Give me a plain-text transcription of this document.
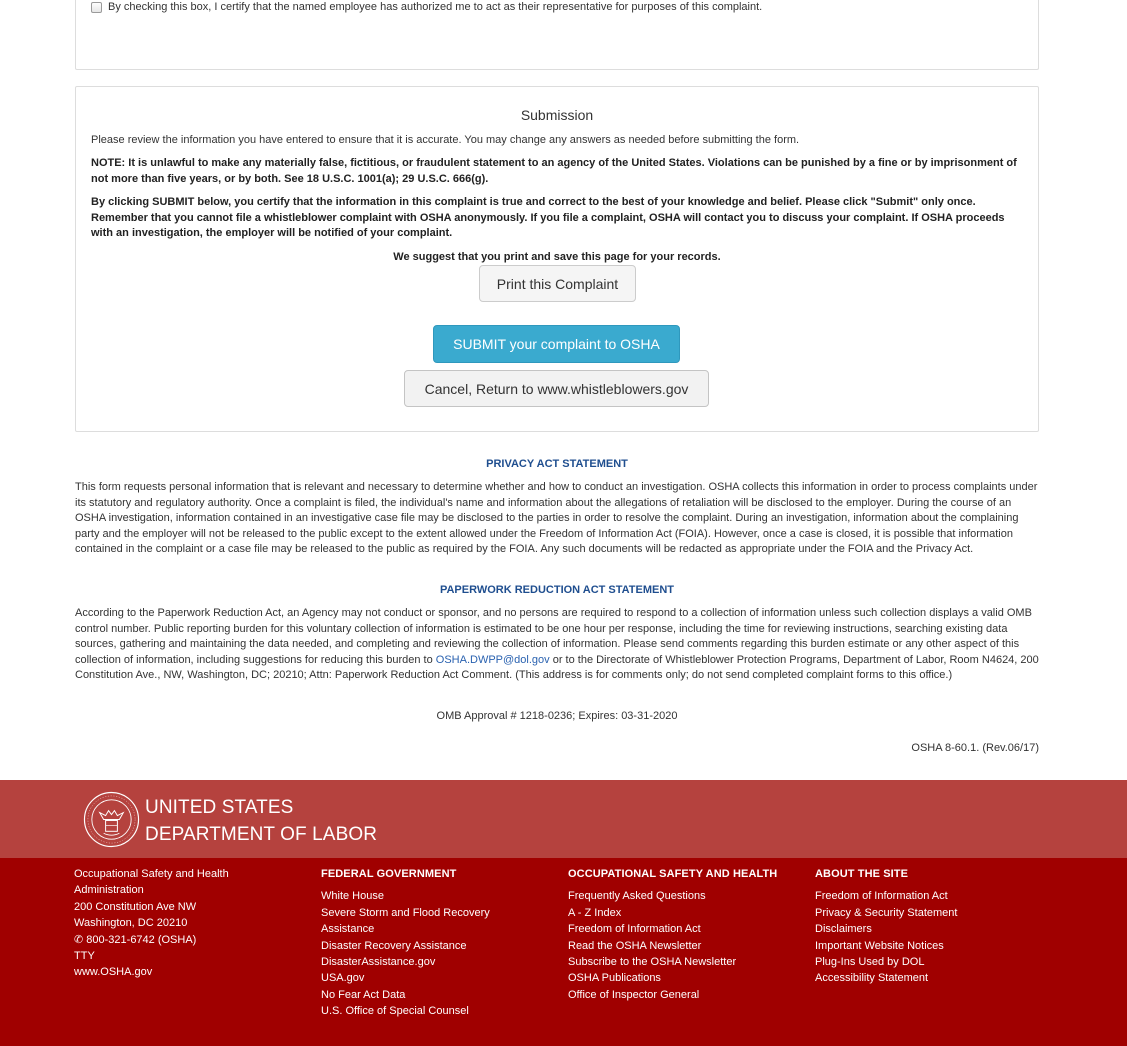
By checking this box, I certify that the named employee has authorized me to act as their representative for purposes of this complaint.
Submission
Please review the information you have entered to ensure that it is accurate. You may change any answers as needed before submitting the form.
NOTE: It is unlawful to make any materially false, fictitious, or fraudulent statement to an agency of the United States. Violations can be punished by a fine or by imprisonment of not more than five years, or by both. See 18 U.S.C. 1001(a); 29 U.S.C. 666(g).
By clicking SUBMIT below, you certify that the information in this complaint is true and correct to the best of your knowledge and belief. Please click "Submit" only once. Remember that you cannot file a whistleblower complaint with OSHA anonymously. If you file a complaint, OSHA will contact you to discuss your complaint. If OSHA proceeds with an investigation, the employer will be notified of your complaint.
We suggest that you print and save this page for your records.
Print this Complaint
SUBMIT your complaint to OSHA
Cancel, Return to www.whistleblowers.gov
PRIVACY ACT STATEMENT
This form requests personal information that is relevant and necessary to determine whether and how to conduct an investigation. OSHA collects this information in order to process complaints under its statutory and regulatory authority. Once a complaint is filed, the individual's name and information about the allegations of retaliation will be disclosed to the employer. During the course of an OSHA investigation, information contained in an investigative case file may be disclosed to the parties in order to resolve the complaint. During an investigation, information about the complaining party and the employer will not be released to the public except to the extent allowed under the Freedom of Information Act (FOIA). However, once a case is closed, it is possible that information contained in the complaint or a case file may be released to the public as required by the FOIA. Any such documents will be redacted as appropriate under the FOIA and the Privacy Act.
PAPERWORK REDUCTION ACT STATEMENT
According to the Paperwork Reduction Act, an Agency may not conduct or sponsor, and no persons are required to respond to a collection of information unless such collection displays a valid OMB control number. Public reporting burden for this voluntary collection of information is estimated to be one hour per response, including the time for reviewing instructions, searching existing data sources, gathering and maintaining the data needed, and completing and reviewing the collection of information. Please send comments regarding this burden estimate or any other aspect of this collection of information, including suggestions for reducing this burden to OSHA.DWPP@dol.gov or to the Directorate of Whistleblower Protection Programs, Department of Labor, Room N4624, 200 Constitution Ave., NW, Washington, DC; 20210; Attn: Paperwork Reduction Act Comment. (This address is for comments only; do not send completed complaint forms to this office.)
OMB Approval # 1218-0236; Expires: 03-31-2020
OSHA 8-60.1. (Rev.06/17)
UNITED STATES
DEPARTMENT OF LABOR
Occupational Safety and Health Administration
200 Constitution Ave NW
Washington, DC 20210
✆ 800-321-6742 (OSHA)
TTY
www.OSHA.gov
FEDERAL GOVERNMENT
White House
Severe Storm and Flood Recovery Assistance
Disaster Recovery Assistance
DisasterAssistance.gov
USA.gov
No Fear Act Data
U.S. Office of Special Counsel
OCCUPATIONAL SAFETY AND HEALTH
Frequently Asked Questions
A - Z Index
Freedom of Information Act
Read the OSHA Newsletter
Subscribe to the OSHA Newsletter
OSHA Publications
Office of Inspector General
ABOUT THE SITE
Freedom of Information Act
Privacy & Security Statement
Disclaimers
Important Website Notices
Plug-Ins Used by DOL
Accessibility Statement
